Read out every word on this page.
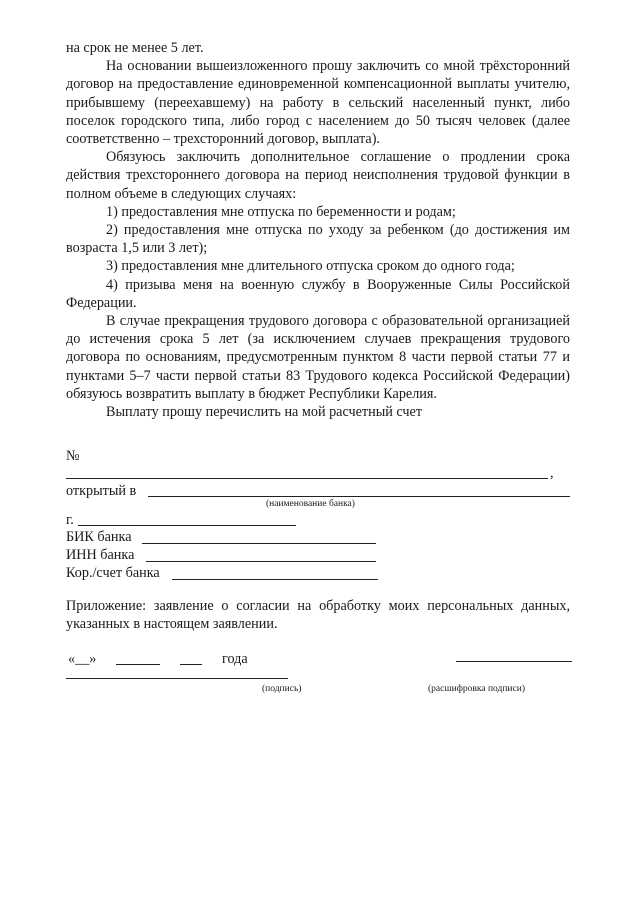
на срок не менее 5 лет.

На основании вышеизложенного прошу заключить со мной трёхсторонний договор на предоставление единовременной компенсационной выплаты учителю, прибывшему (переехавшему) на работу в сельский населенный пункт, либо поселок городского типа, либо город с населением до 50 тысяч человек (далее соответственно – трехсторонний договор, выплата).

Обязуюсь заключить дополнительное соглашение о продлении срока действия трехстороннего договора на период неисполнения трудовой функции в полном объеме в следующих случаях:

1) предоставления мне отпуска по беременности и родам;

2) предоставления мне отпуска по уходу за ребенком (до достижения им возраста 1,5 или 3 лет);

3) предоставления мне длительного отпуска сроком до одного года;

4) призыва меня на военную службу в Вооруженные Силы Российской Федерации.

В случае прекращения трудового договора с образовательной организацией до истечения срока 5 лет (за исключением случаев прекращения трудового договора по основаниям, предусмотренным пунктом 8 части первой статьи 77 и пунктами 5–7 части первой статьи 83 Трудового кодекса Российской Федерации) обязуюсь возвратить выплату в бюджет Республики Карелия.

Выплату прошу перечислить на мой расчетный счет

№
,
открытый в
(наименование банка)
г.
БИК банка
ИНН банка
Кор./счет банка

Приложение: заявление о согласии на обработку моих персональных данных, указанных в настоящем заявлении.

«__»	года
(подпись)	(расшифровка подписи)
